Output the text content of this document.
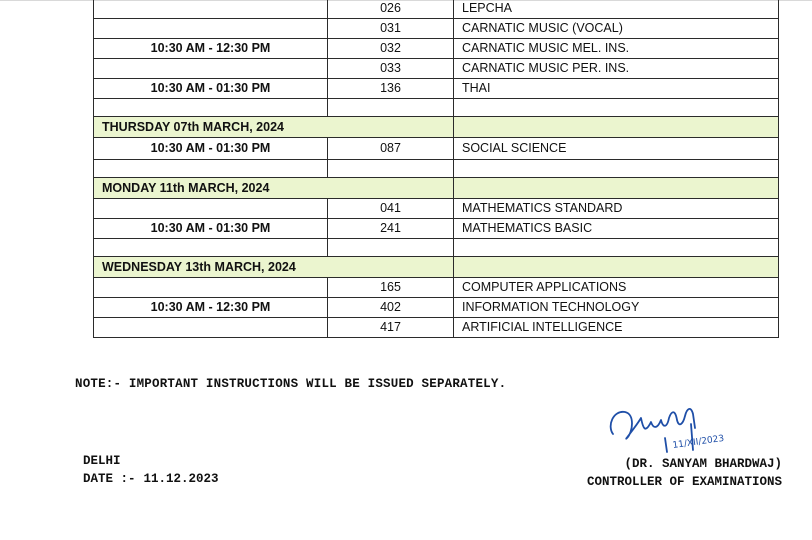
	026	LEPCHA
	031	CARNATIC MUSIC (VOCAL)
10:30 AM - 12:30 PM	032	CARNATIC MUSIC MEL. INS.
	033	CARNATIC MUSIC PER. INS.
10:30 AM - 01:30 PM	136	THAI

THURSDAY 07th MARCH, 2024		
10:30 AM - 01:30 PM	087	SOCIAL SCIENCE

MONDAY 11th MARCH, 2024		
	041	MATHEMATICS STANDARD
10:30 AM - 01:30 PM	241	MATHEMATICS BASIC

WEDNESDAY 13th MARCH, 2024		
	165	COMPUTER APPLICATIONS
10:30 AM - 12:30 PM	402	INFORMATION TECHNOLOGY
	417	ARTIFICIAL INTELLIGENCE
NOTE:- IMPORTANT INSTRUCTIONS WILL BE ISSUED SEPARATELY.
DELHI
DATE :- 11.12.2023
11/XII/2023
(DR. SANYAM BHARDWAJ)
CONTROLLER OF EXAMINATIONS
